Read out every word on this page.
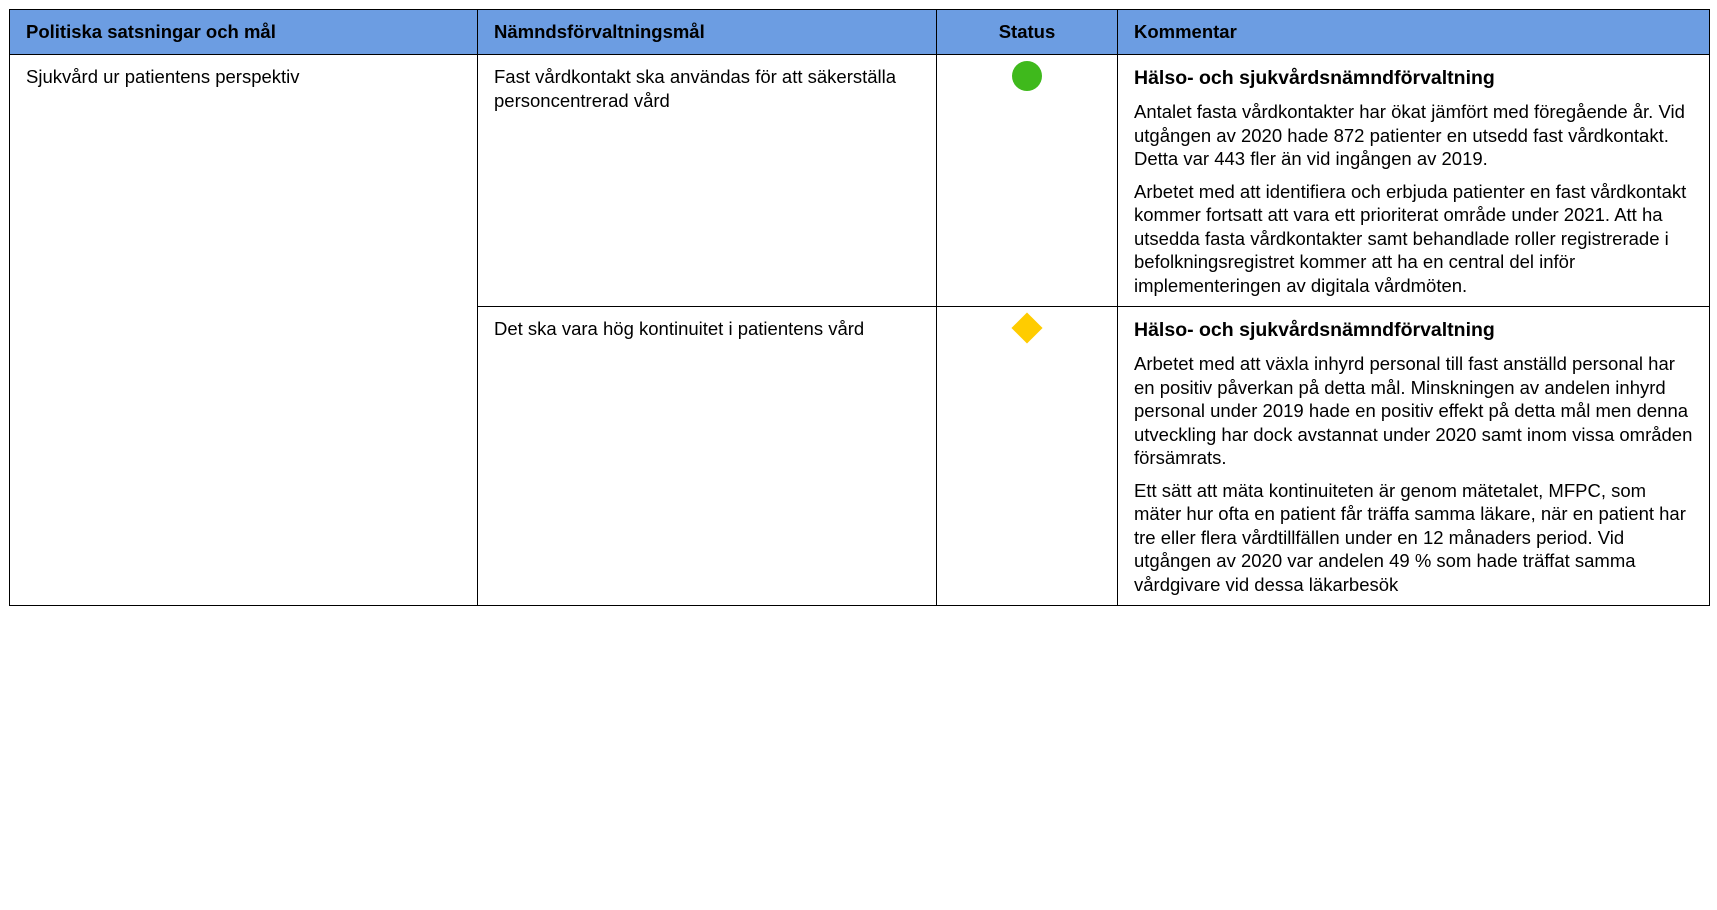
Politiska satsningar och mål	Nämndsförvaltningsmål	Status	Kommentar
Sjukvård ur patientens perspektiv	Fast vårdkontakt ska användas för att säkerställa personcentrerad vård		Hälso- och sjukvårdsnämndförvaltning
Antalet fasta vårdkontakter har ökat jämfört med föregående år. Vid utgången av 2020 hade 872 patienter en utsedd fast vårdkontakt. Detta var 443 fler än vid ingången av 2019.
Arbetet med att identifiera och erbjuda patienter en fast vårdkontakt kommer fortsatt att vara ett prioriterat område under 2021. Att ha utsedda fasta vårdkontakter samt behandlade roller registrerade i befolkningsregistret kommer att ha en central del inför implementeringen av digitala vårdmöten.

	Det ska vara hög kontinuitet i patientens vård		Hälso- och sjukvårdsnämndförvaltning
Arbetet med att växla inhyrd personal till fast anställd personal har en positiv påverkan på detta mål. Minskningen av andelen inhyrd personal under 2019 hade en positiv effekt på detta mål men denna utveckling har dock avstannat under 2020 samt inom vissa områden försämrats.
Ett sätt att mäta kontinuiteten är genom mätetalet, MFPC, som mäter hur ofta en patient får träffa samma läkare, när en patient har tre eller flera vårdtillfällen under en 12 månaders period. Vid utgången av 2020 var andelen 49 % som hade träffat samma vårdgivare vid dessa läkarbesök
